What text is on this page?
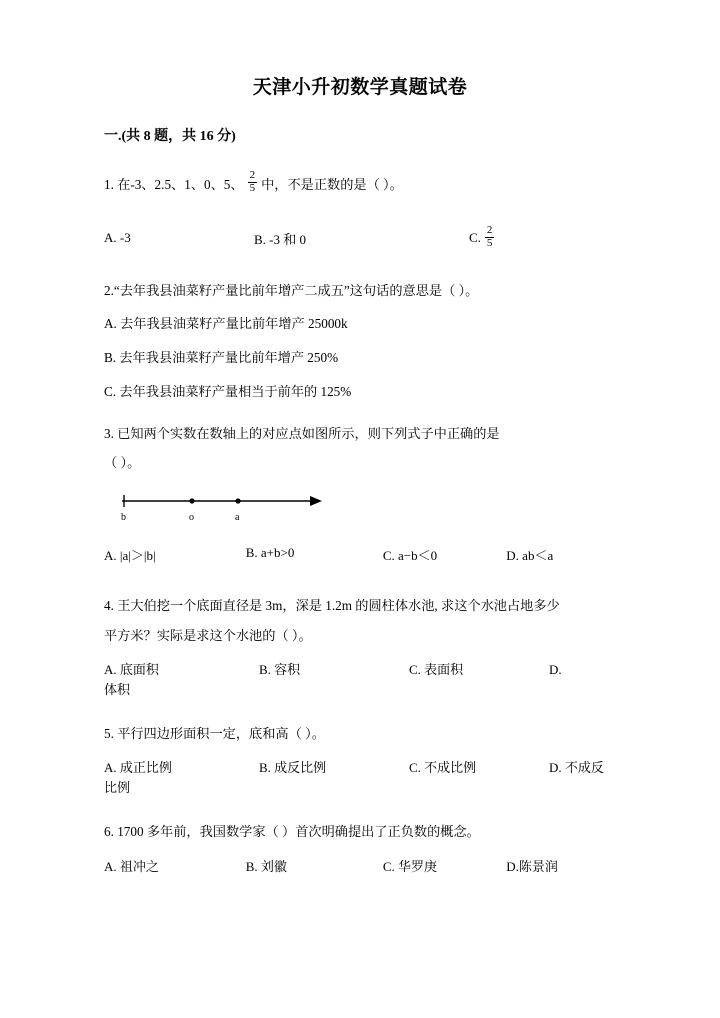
天津小升初数学真题试卷
一.(共 8 题，共 16 分)
1. 在-3、2.5、1、0、5、 $\frac{2}{5}$ 中，不是正数的是（ ）。
A. -3	B. -3 和 0	C. $\frac{2}{5}$
2.“去年我县油菜籽产量比前年增产二成五”这句话的意思是（ ）。
A. 去年我县油菜籽产量比前年增产 25000k
B. 去年我县油菜籽产量比前年增产 250%
C. 去年我县油菜籽产量相当于前年的 125%
3. 已知两个实数在数轴上的对应点如图所示，则下列式子中正确的是
（ ）。
b	o	a
A. |a|＞|b|	B. a+b>0	C. a−b＜0	D. ab＜a
4. 王大伯挖一个底面直径是 3m，深是 1.2m 的圆柱体水池, 求这个水池占地多少
平方米？实际是求这个水池的（ ）。
A. 底面积	B. 容积	C. 表面积	D.
体积
5. 平行四边形面积一定，底和高（ ）。
A. 成正比例	B. 成反比例	C. 不成比例	D. 不成反
比例
6. 1700 多年前，我国数学家（ ）首次明确提出了正负数的概念。
A. 祖冲之	B. 刘徽	C. 华罗庚	D.陈景润
